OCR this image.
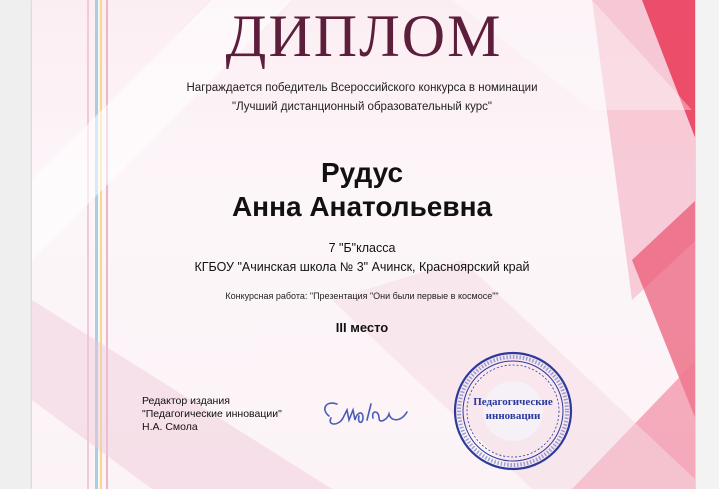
ДИПЛОМ
Награждается победитель Всероссийского конкурса в номинации
"Лучший дистанционный образовательный курс"
Рудус
Анна Анатольевна
7 "Б"класса
КГБОУ "Ачинская школа № 3" Ачинск, Красноярский край
Конкурсная работа: "Презентация "Они были первые в космосе""
III место
Редактор издания
"Педагогические инновации"
Н.А. Смола
Педагогические
инновации
